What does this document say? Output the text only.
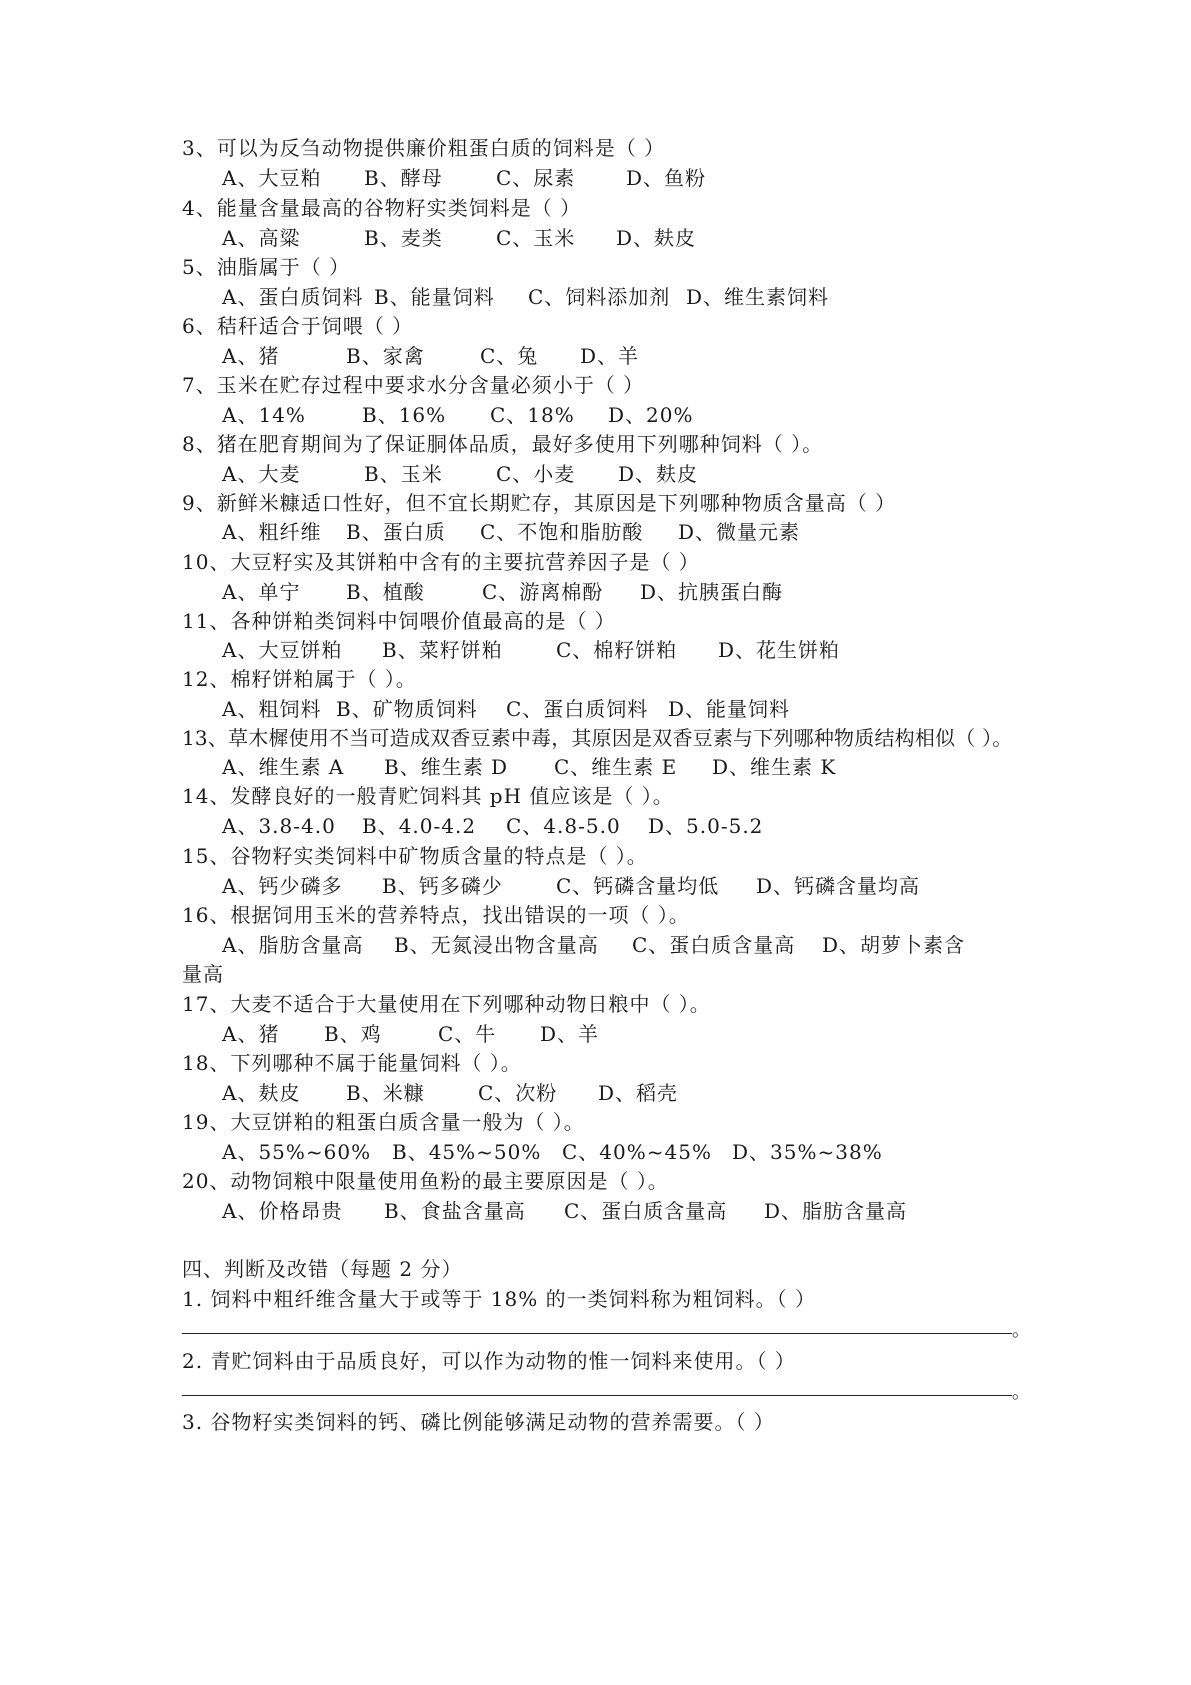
3、可以为反刍动物提供廉价粗蛋白质的饲料是（ ）
A、大豆粕 B、酵母	C、尿素	D、鱼粉
4、能量含量最高的谷物籽实类饲料是（ ）
A、高粱	B、麦类	C、玉米 D、麸皮
5、油脂属于（ ）
A、蛋白质饲料 B、能量饲料 C、饲料添加剂 D、维生素饲料
6、秸秆适合于饲喂（ ）
A、猪	B、家禽	C、兔 D、羊
7、玉米在贮存过程中要求水分含量必须小于（ ）
A、14%	B、16% C、18% D、20%
8、猪在肥育期间为了保证胴体品质，最好多使用下列哪种饲料（ ）。
A、大麦	B、玉米	C、小麦 D、麸皮
9、新鲜米糠适口性好，但不宜长期贮存，其原因是下列哪种物质含量高（ ）
A、粗纤维 B、蛋白质 C、不饱和脂肪酸 D、微量元素
10、大豆籽实及其饼粕中含有的主要抗营养因子是（ ）
A、单宁 B、植酸	C、游离棉酚 D、抗胰蛋白酶
11、各种饼粕类饲料中饲喂价值最高的是（ ）
A、大豆饼粕 B、菜籽饼粕	C、棉籽饼粕 D、花生饼粕
12、棉籽饼粕属于（ ）。
A、粗饲料 B、矿物质饲料 C、蛋白质饲料 D、能量饲料
13、草木樨使用不当可造成双香豆素中毒，其原因是双香豆素与下列哪种物质结构相似（ ）。
A、维生素 A B、维生素 D C、维生素 E D、维生素 K
14、发酵良好的一般青贮饲料其 pH 值应该是（ ）。
A、3.8-4.0 B、4.0-4.2 C、4.8-5.0 D、5.0-5.2
15、谷物籽实类饲料中矿物质含量的特点是（ ）。
A、钙少磷多 B、钙多磷少	C、钙磷含量均低 D、钙磷含量均高
16、根据饲用玉米的营养特点，找出错误的一项（ ）。
A、脂肪含量高 B、无氮浸出物含量高 C、蛋白质含量高 D、胡萝卜素含
量高
17、大麦不适合于大量使用在下列哪种动物日粮中（ ）。
A、猪 B、鸡	C、牛 D、羊
18、下列哪种不属于能量饲料（ ）。
A、麸皮 B、米糠	C、次粉 D、稻壳
19、大豆饼粕的粗蛋白质含量一般为（ ）。
A、55%~60% B、45%~50% C、40%~45% D、35%~38%
20、动物饲粮中限量使用鱼粉的最主要原因是（ ）。
A、价格昂贵 B、食盐含量高 C、蛋白质含量高 D、脂肪含量高
四、判断及改错（每题 2 分）
1. 饲料中粗纤维含量大于或等于 18% 的一类饲料称为粗饲料。（ ）
。
2. 青贮饲料由于品质良好，可以作为动物的惟一饲料来使用。（ ）
。
3. 谷物籽实类饲料的钙、磷比例能够满足动物的营养需要。（ ）
